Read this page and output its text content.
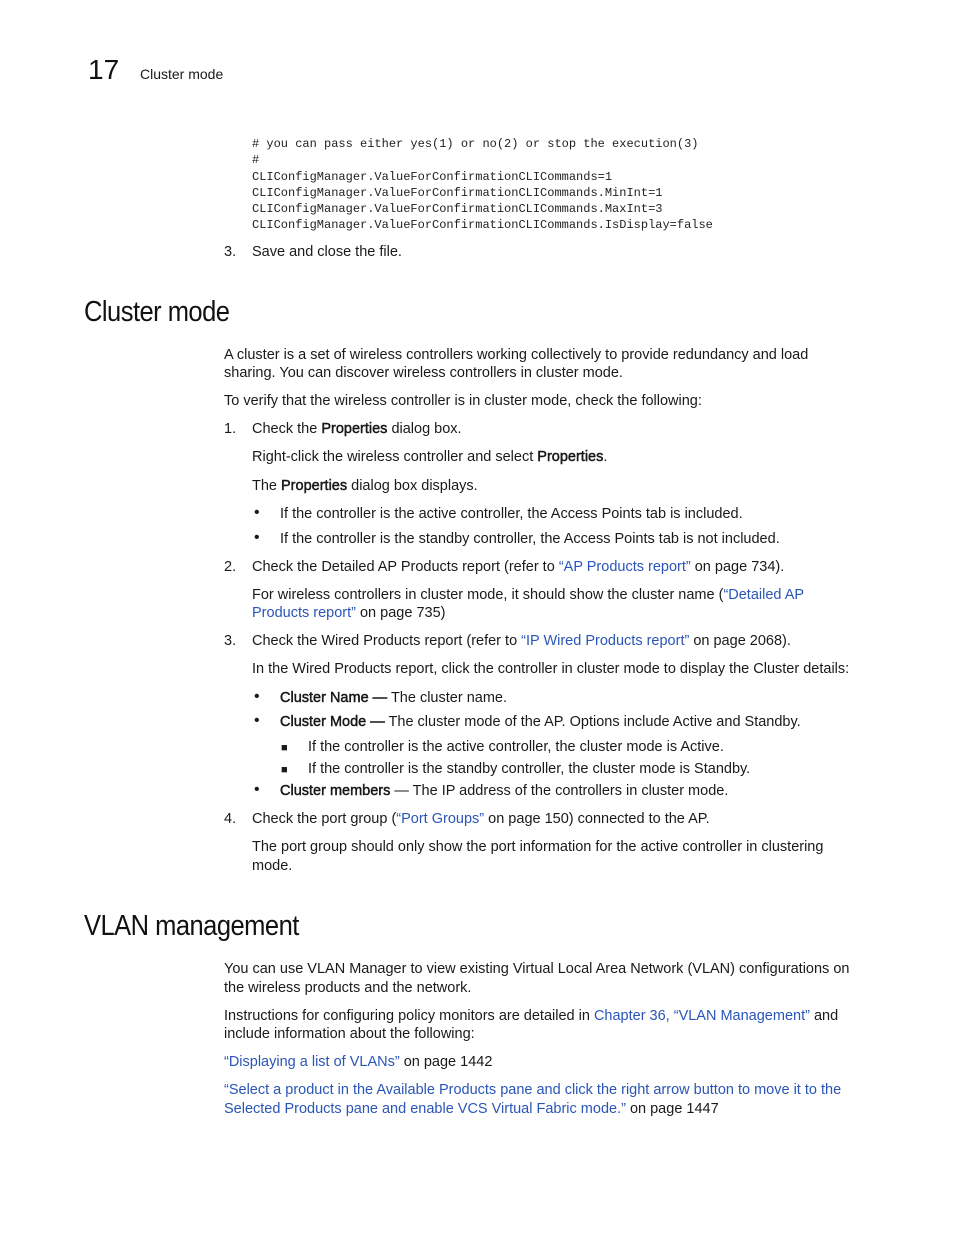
17 Cluster mode
# you can pass either yes(1) or no(2) or stop the execution(3)
#
CLIConfigManager.ValueForConfirmationCLICommands=1
CLIConfigManager.ValueForConfirmationCLICommands.MinInt=1
CLIConfigManager.ValueForConfirmationCLICommands.MaxInt=3
CLIConfigManager.ValueForConfirmationCLICommands.IsDisplay=false
3. Save and close the file.
Cluster mode
A cluster is a set of wireless controllers working collectively to provide redundancy and load
sharing. You can discover wireless controllers in cluster mode.
To verify that the wireless controller is in cluster mode, check the following:
1. Check the Properties dialog box.
Right-click the wireless controller and select Properties.
The Properties dialog box displays.
• If the controller is the active controller, the Access Points tab is included.
• If the controller is the standby controller, the Access Points tab is not included.
2. Check the Detailed AP Products report (refer to “AP Products report” on page 734).
For wireless controllers in cluster mode, it should show the cluster name (“Detailed AP
Products report” on page 735)
3. Check the Wired Products report (refer to “IP Wired Products report” on page 2068).
In the Wired Products report, click the controller in cluster mode to display the Cluster details:
• Cluster Name — The cluster name.
• Cluster Mode — The cluster mode of the AP. Options include Active and Standby.
■ If the controller is the active controller, the cluster mode is Active.
■ If the controller is the standby controller, the cluster mode is Standby.
• Cluster members — The IP address of the controllers in cluster mode.
4. Check the port group (“Port Groups” on page 150) connected to the AP.
The port group should only show the port information for the active controller in clustering
mode.
VLAN management
You can use VLAN Manager to view existing Virtual Local Area Network (VLAN) configurations on
the wireless products and the network.
Instructions for configuring policy monitors are detailed in Chapter 36, “VLAN Management” and
include information about the following:
“Displaying a list of VLANs” on page 1442
“Select a product in the Available Products pane and click the right arrow button to move it to the
Selected Products pane and enable VCS Virtual Fabric mode.” on page 1447
